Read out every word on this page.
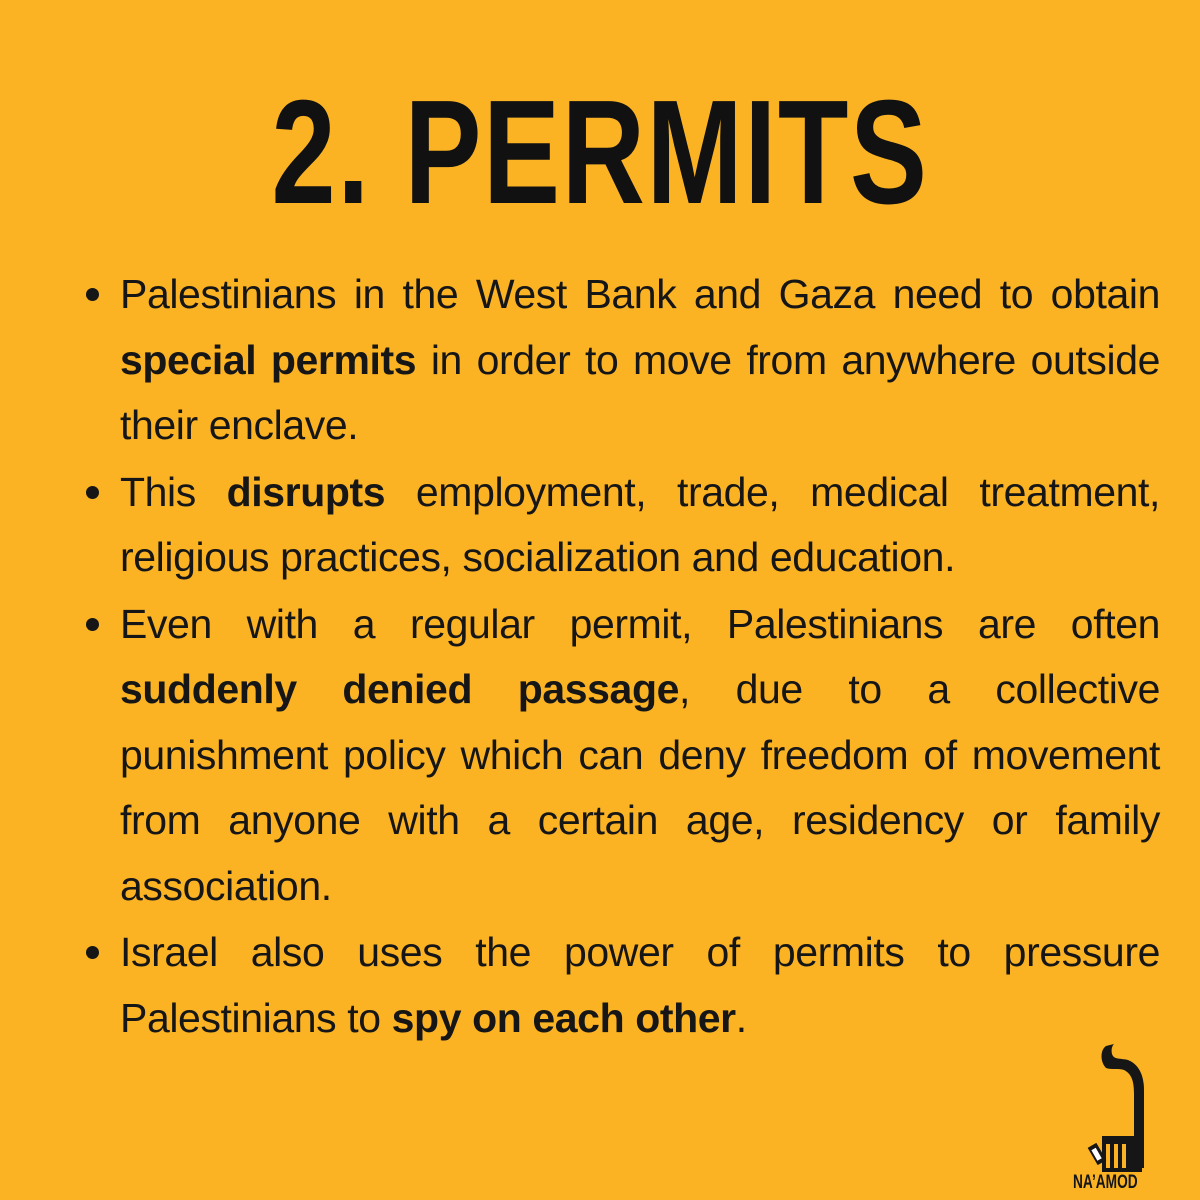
2. PERMITS
Palestinians in the West Bank and Gaza need to obtain special permits in order to move from anywhere outside their enclave.
This disrupts employment, trade, medical treatment, religious practices, socialization and education.
Even with a regular permit, Palestinians are often suddenly denied passage, due to a collective punishment policy which can deny freedom of movement from anyone with a certain age, residency or family association.
Israel also uses the power of permits to pressure Palestinians to spy on each other.
NA’AMOD
